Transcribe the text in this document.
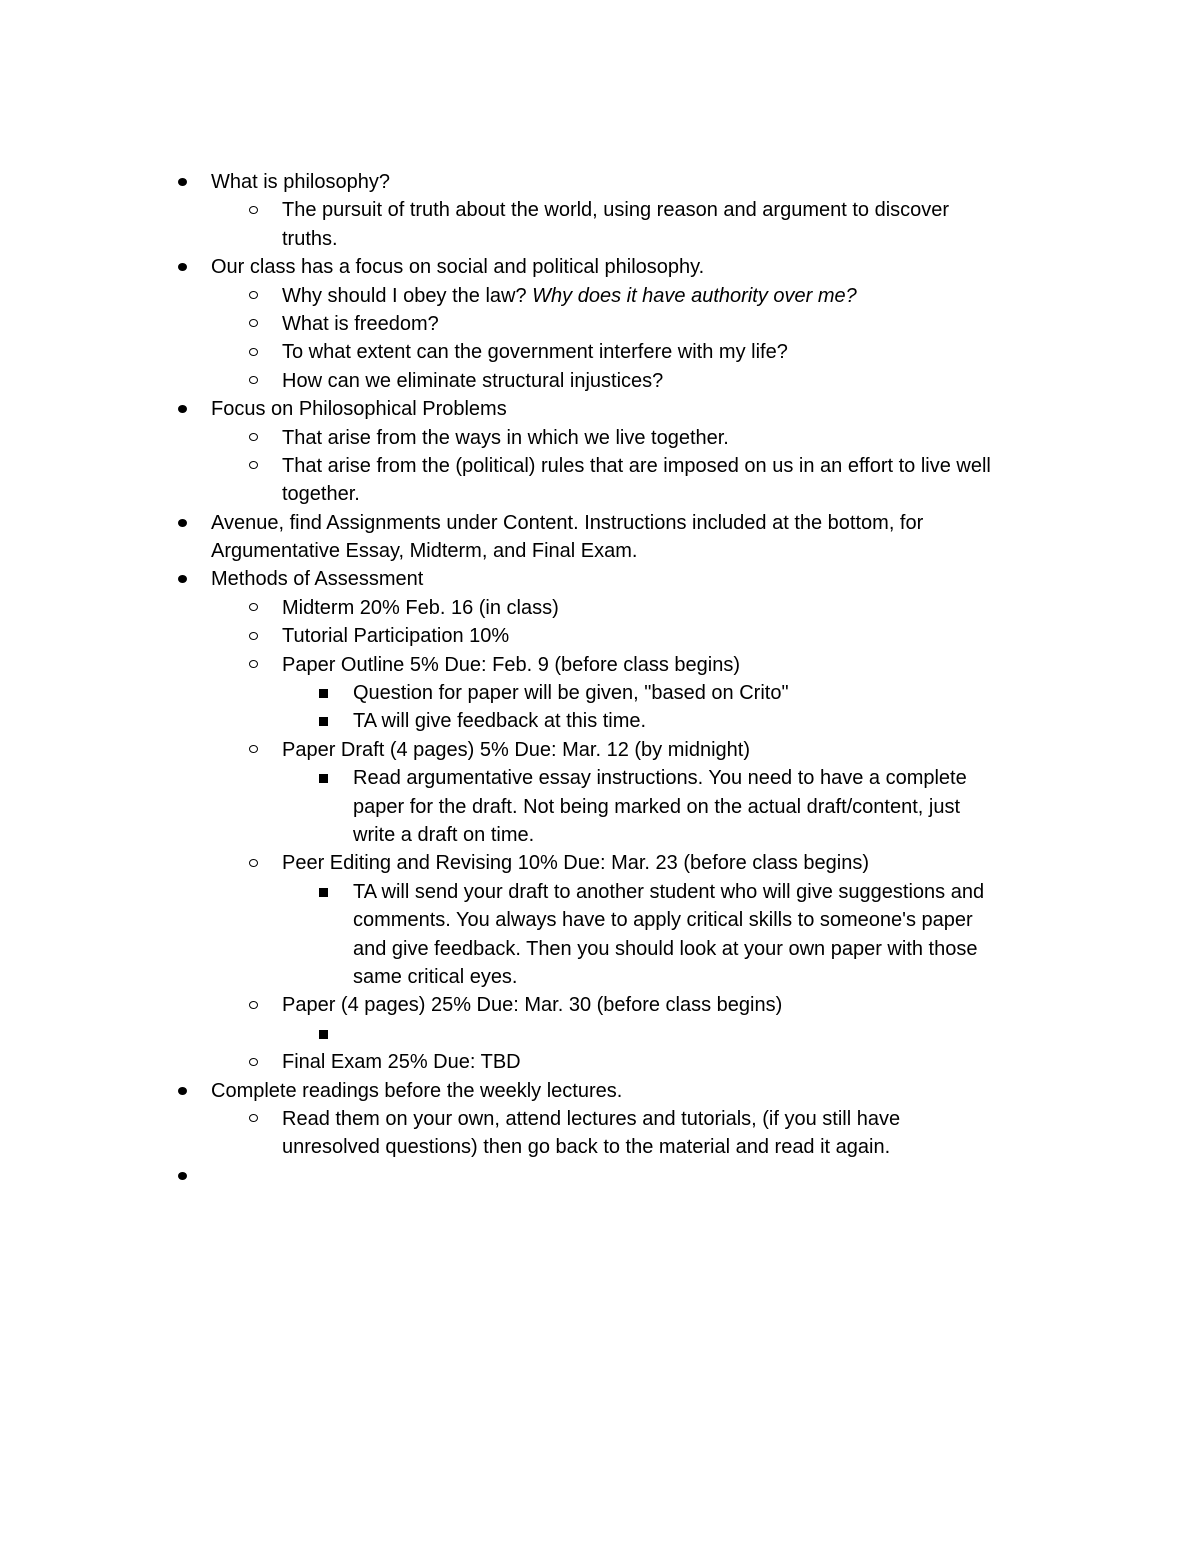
What is philosophy?
The pursuit of truth about the world, using reason and argument to discover
truths.
Our class has a focus on social and political philosophy.
Why should I obey the law? Why does it have authority over me?
What is freedom?
To what extent can the government interfere with my life?
How can we eliminate structural injustices?
Focus on Philosophical Problems
That arise from the ways in which we live together.
That arise from the (political) rules that are imposed on us in an effort to live well
together.
Avenue, find Assignments under Content. Instructions included at the bottom, for
Argumentative Essay, Midterm, and Final Exam.
Methods of Assessment
Midterm 20% Feb. 16 (in class)
Tutorial Participation 10%
Paper Outline 5% Due: Feb. 9 (before class begins)
Question for paper will be given, "based on Crito"
TA will give feedback at this time.
Paper Draft (4 pages) 5% Due: Mar. 12 (by midnight)
Read argumentative essay instructions. You need to have a complete
paper for the draft. Not being marked on the actual draft/content, just
write a draft on time.
Peer Editing and Revising 10% Due: Mar. 23 (before class begins)
TA will send your draft to another student who will give suggestions and
comments. You always have to apply critical skills to someone's paper
and give feedback. Then you should look at your own paper with those
same critical eyes.
Paper (4 pages) 25% Due: Mar. 30 (before class begins)
Final Exam 25% Due: TBD
Complete readings before the weekly lectures.
Read them on your own, attend lectures and tutorials, (if you still have
unresolved questions) then go back to the material and read it again.
